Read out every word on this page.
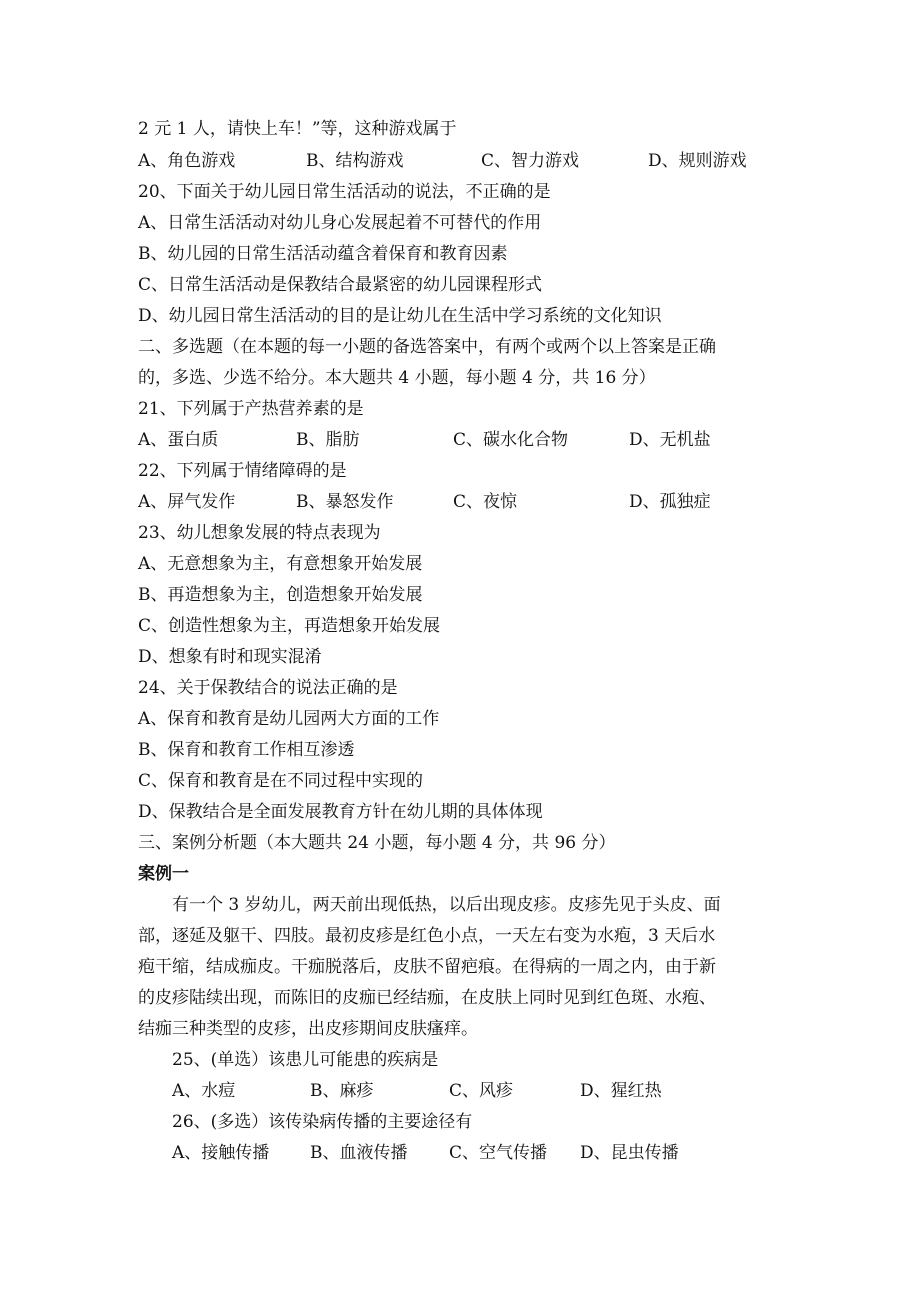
2 元 1 人，请快上车！”等，这种游戏属于
A、角色游戏	B、结构游戏	C、智力游戏	D、规则游戏
20、下面关于幼儿园日常生活活动的说法，不正确的是
A、日常生活活动对幼儿身心发展起着不可替代的作用
B、幼儿园的日常生活活动蕴含着保育和教育因素
C、日常生活活动是保教结合最紧密的幼儿园课程形式
D、幼儿园日常生活活动的目的是让幼儿在生活中学习系统的文化知识
二、多选题（在本题的每一小题的备选答案中，有两个或两个以上答案是正确
的，多选、少选不给分。本大题共 4 小题，每小题 4 分，共 16 分）
21、下列属于产热营养素的是
A、蛋白质	B、脂肪	C、碳水化合物	D、无机盐
22、下列属于情绪障碍的是
A、屏气发作	B、暴怒发作	C、夜惊	D、孤独症
23、幼儿想象发展的特点表现为
A、无意想象为主，有意想象开始发展
B、再造想象为主，创造想象开始发展
C、创造性想象为主，再造想象开始发展
D、想象有时和现实混淆
24、关于保教结合的说法正确的是
A、保育和教育是幼儿园两大方面的工作
B、保育和教育工作相互渗透
C、保育和教育是在不同过程中实现的
D、保教结合是全面发展教育方针在幼儿期的具体体现
三、案例分析题（本大题共 24 小题，每小题 4 分，共 96 分）
案例一
有一个 3 岁幼儿，两天前出现低热，以后出现皮疹。皮疹先见于头皮、面
部，逐延及躯干、四肢。最初皮疹是红色小点，一天左右变为水疱，3 天后水
疱干缩，结成痂皮。干痂脱落后，皮肤不留疤痕。在得病的一周之内，由于新
的皮疹陆续出现，而陈旧的皮痂已经结痂，在皮肤上同时见到红色斑、水疱、
结痂三种类型的皮疹，出皮疹期间皮肤瘙痒。
25、(单选）该患儿可能患的疾病是
A、水痘	B、麻疹	C、风疹	D、猩红热
26、(多选）该传染病传播的主要途径有
A、接触传播 B、血液传播 C、空气传播 D、昆虫传播
